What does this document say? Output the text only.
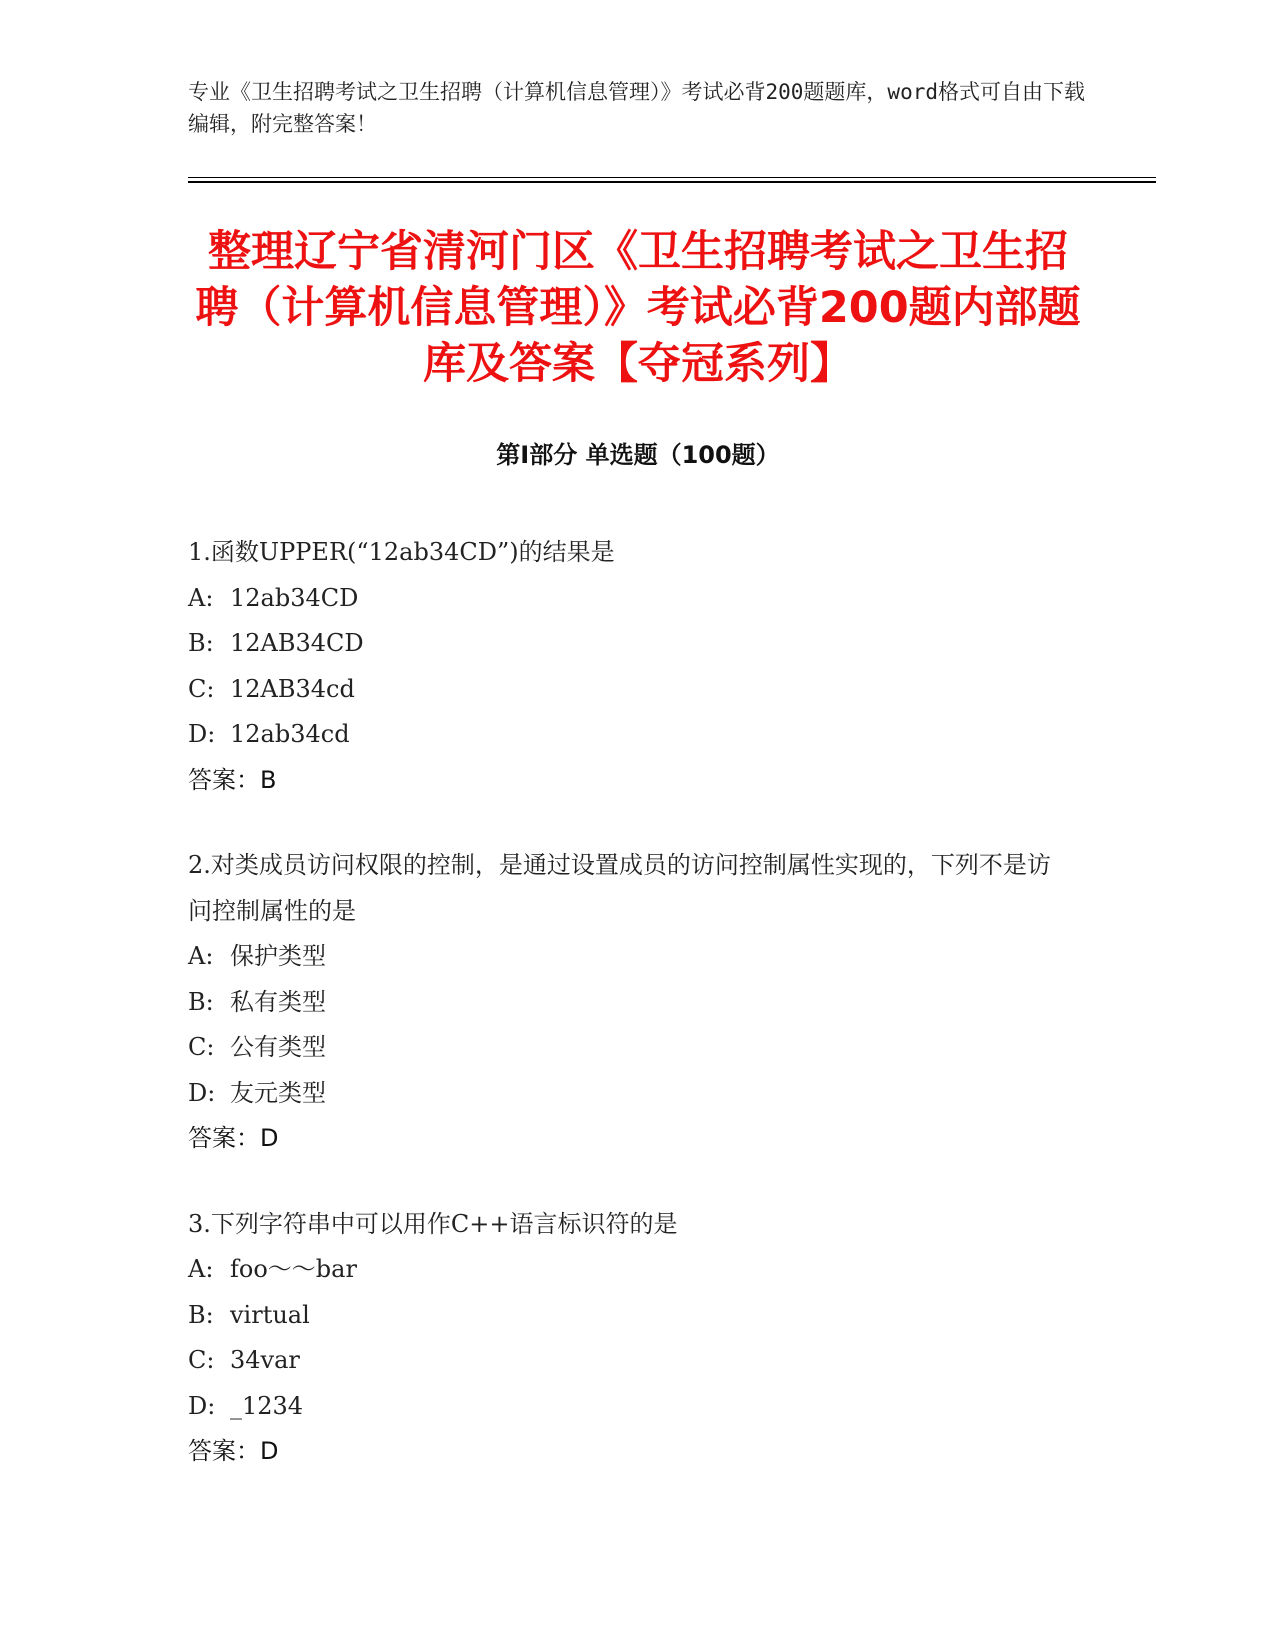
专业《卫生招聘考试之卫生招聘（计算机信息管理）》考试必背200题题库，word格式可自由下载编辑，附完整答案！
整理辽宁省清河门区《卫生招聘考试之卫生招聘（计算机信息管理）》考试必背200题内部题库及答案【夺冠系列】
第Ⅰ部分 单选题（100题）

1.函数UPPER(“12ab34CD”)的结果是

A: 12ab34CD

B: 12AB34CD

C: 12AB34cd

D: 12ab34cd

答案：B

2.对类成员访问权限的控制，是通过设置成员的访问控制属性实现的，下列不是访问控制属性的是

A: 保护类型

B: 私有类型

C: 公有类型

D: 友元类型

答案：D

3.下列字符串中可以用作C++语言标识符的是

A: foo～～bar

B: virtual

C: 34var

D: _1234

答案：D
